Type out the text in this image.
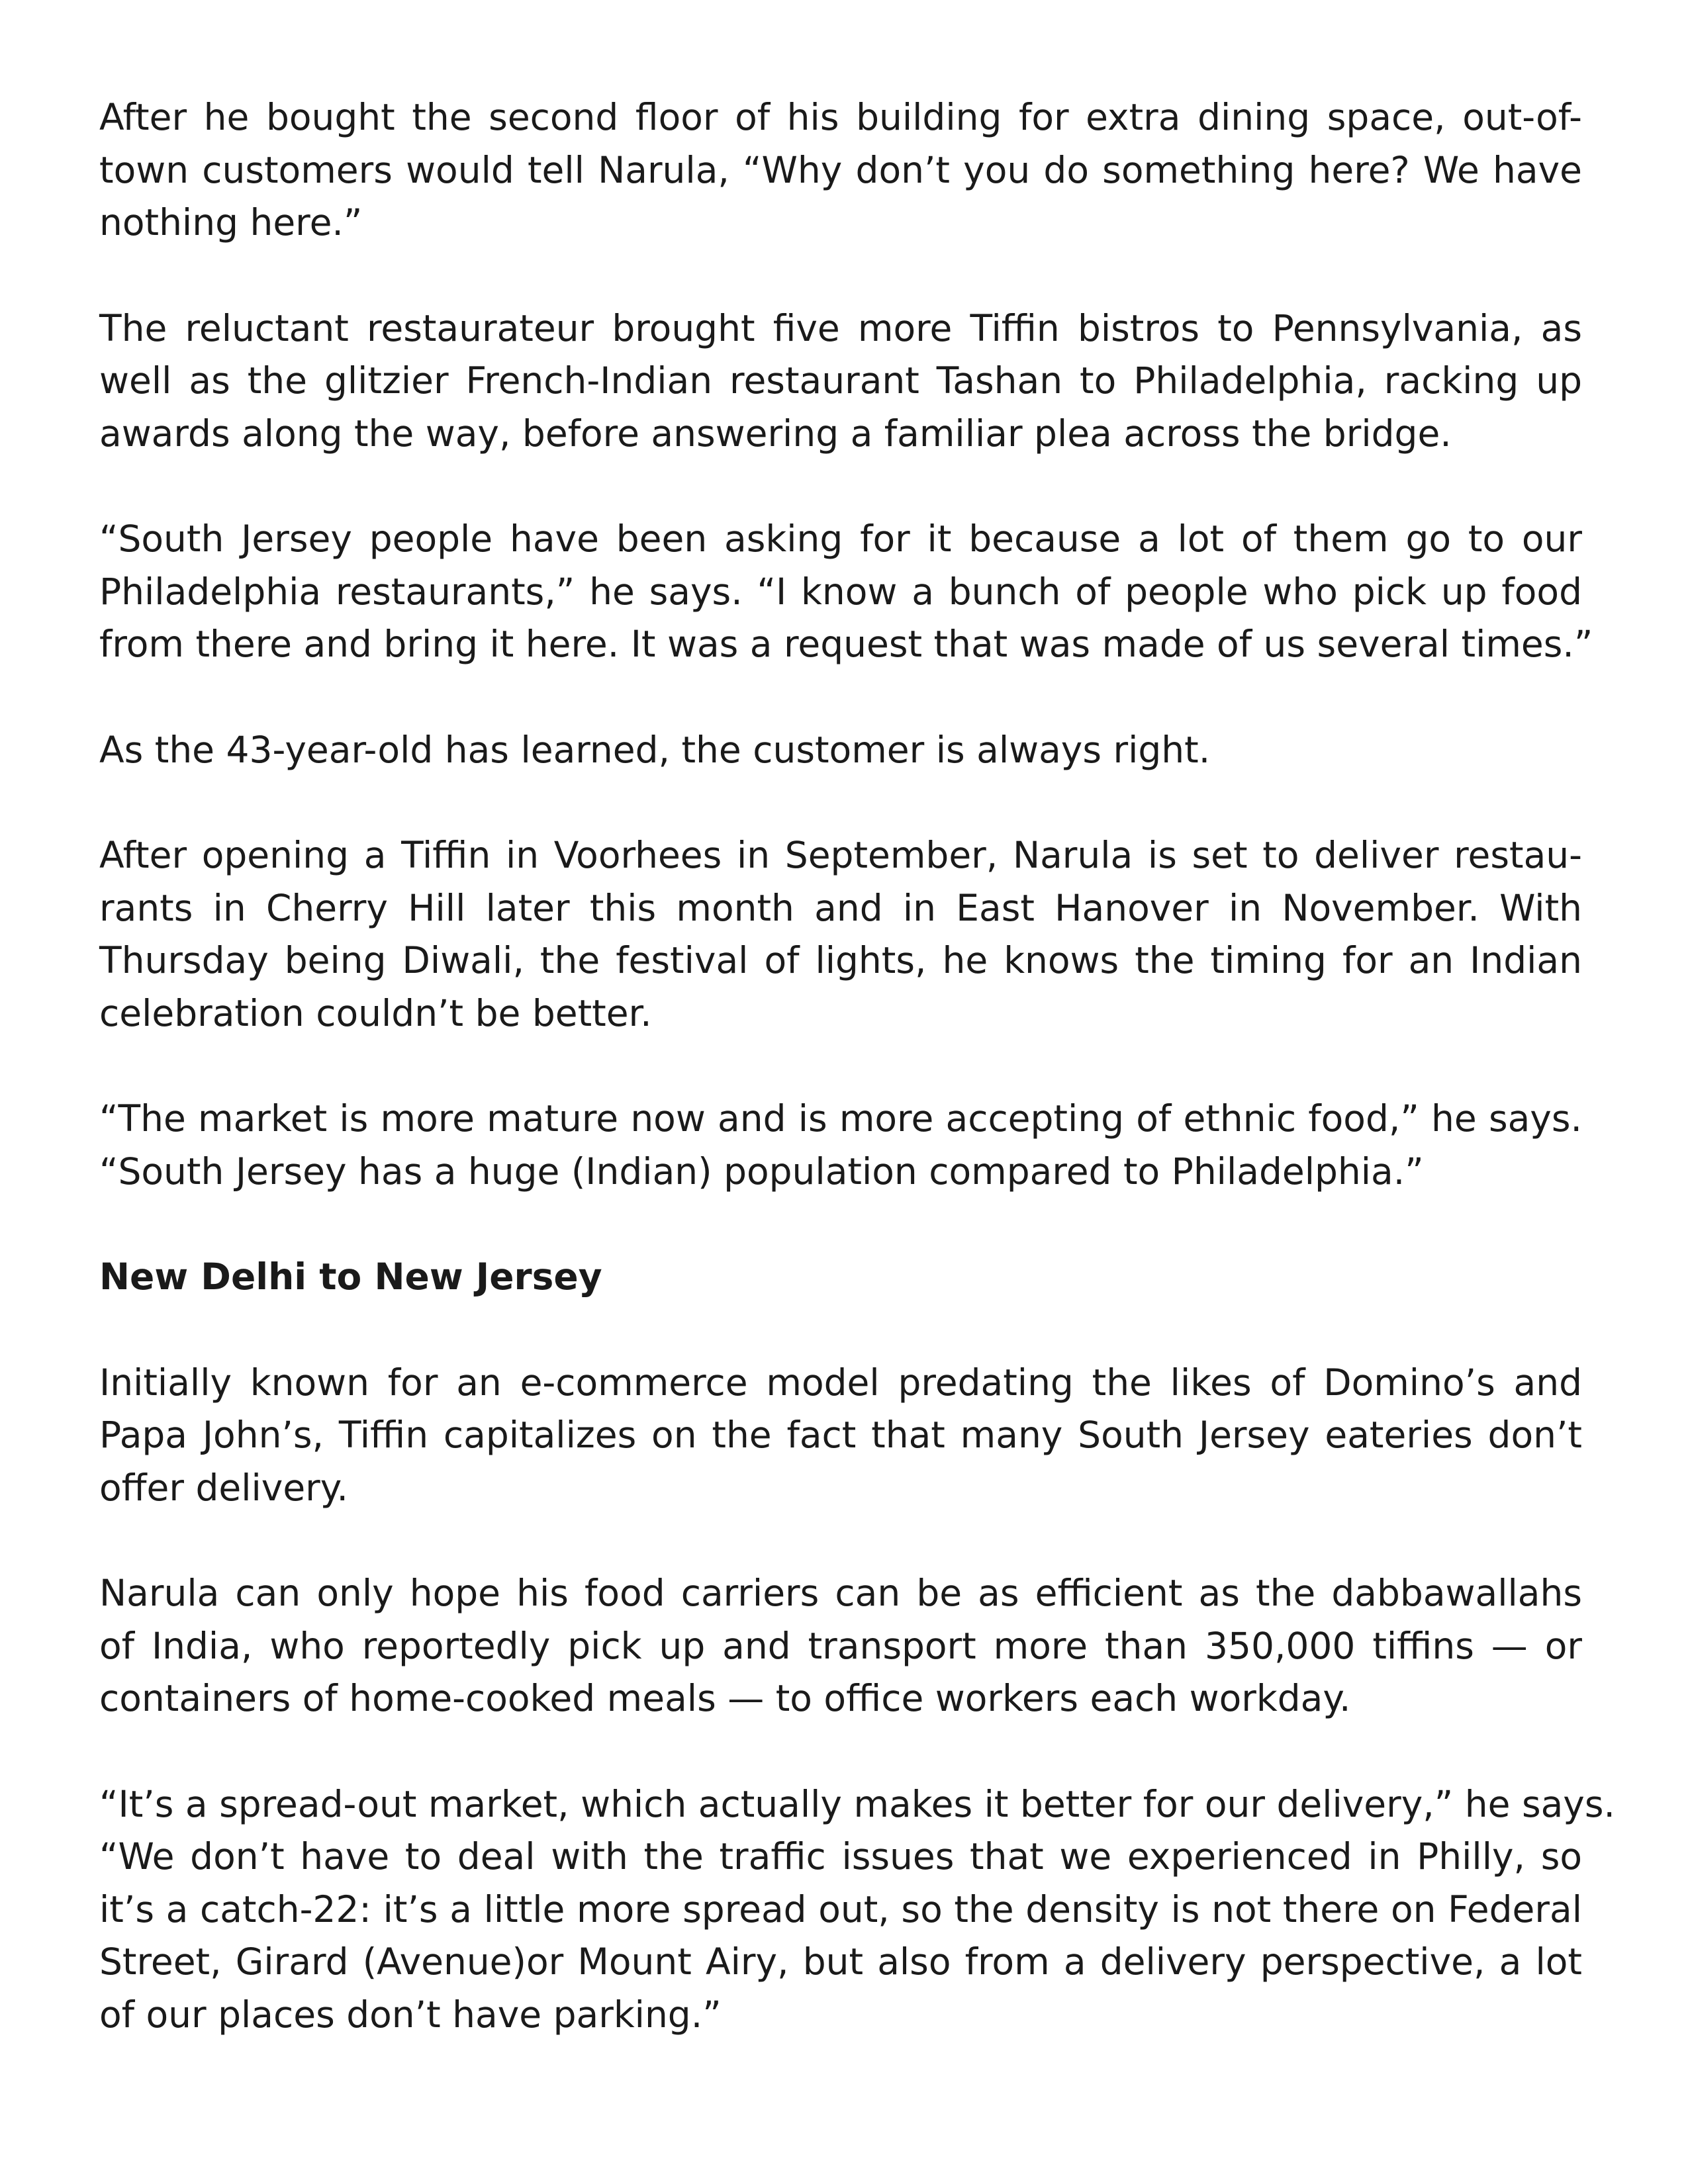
After he bought the second floor of his building for extra dining space, out-of-
town customers would tell Narula, “Why don’t you do something here? We have
nothing here.”

The reluctant restaurateur brought five more Tiffin bistros to Pennsylvania, as
well as the glitzier French-Indian restaurant Tashan to Philadelphia, racking up
awards along the way, before answering a familiar plea across the bridge.

“South Jersey people have been asking for it because a lot of them go to our
Philadelphia restaurants,” he says. “I know a bunch of people who pick up food
from there and bring it here. It was a request that was made of us several times.”

As the 43-year-old has learned, the customer is always right.

After opening a Tiffin in Voorhees in September, Narula is set to deliver restau-
rants in Cherry Hill later this month and in East Hanover in November. With
Thursday being Diwali, the festival of lights, he knows the timing for an Indian
celebration couldn’t be better.

“The market is more mature now and is more accepting of ethnic food,” he says.
“South Jersey has a huge (Indian) population compared to Philadelphia.”

New Delhi to New Jersey

Initially known for an e-commerce model predating the likes of Domino’s and
Papa John’s, Tiffin capitalizes on the fact that many South Jersey eateries don’t
offer delivery.

Narula can only hope his food carriers can be as efficient as the dabbawallahs
of India, who reportedly pick up and transport more than 350,000 tiffins — or
containers of home-cooked meals — to office workers each workday.

“It’s a spread-out market, which actually makes it better for our delivery,” he says.
“We don’t have to deal with the traffic issues that we experienced in Philly, so
it’s a catch-22: it’s a little more spread out, so the density is not there on Federal
Street, Girard (Avenue)or Mount Airy, but also from a delivery perspective, a lot
of our places don’t have parking.”
